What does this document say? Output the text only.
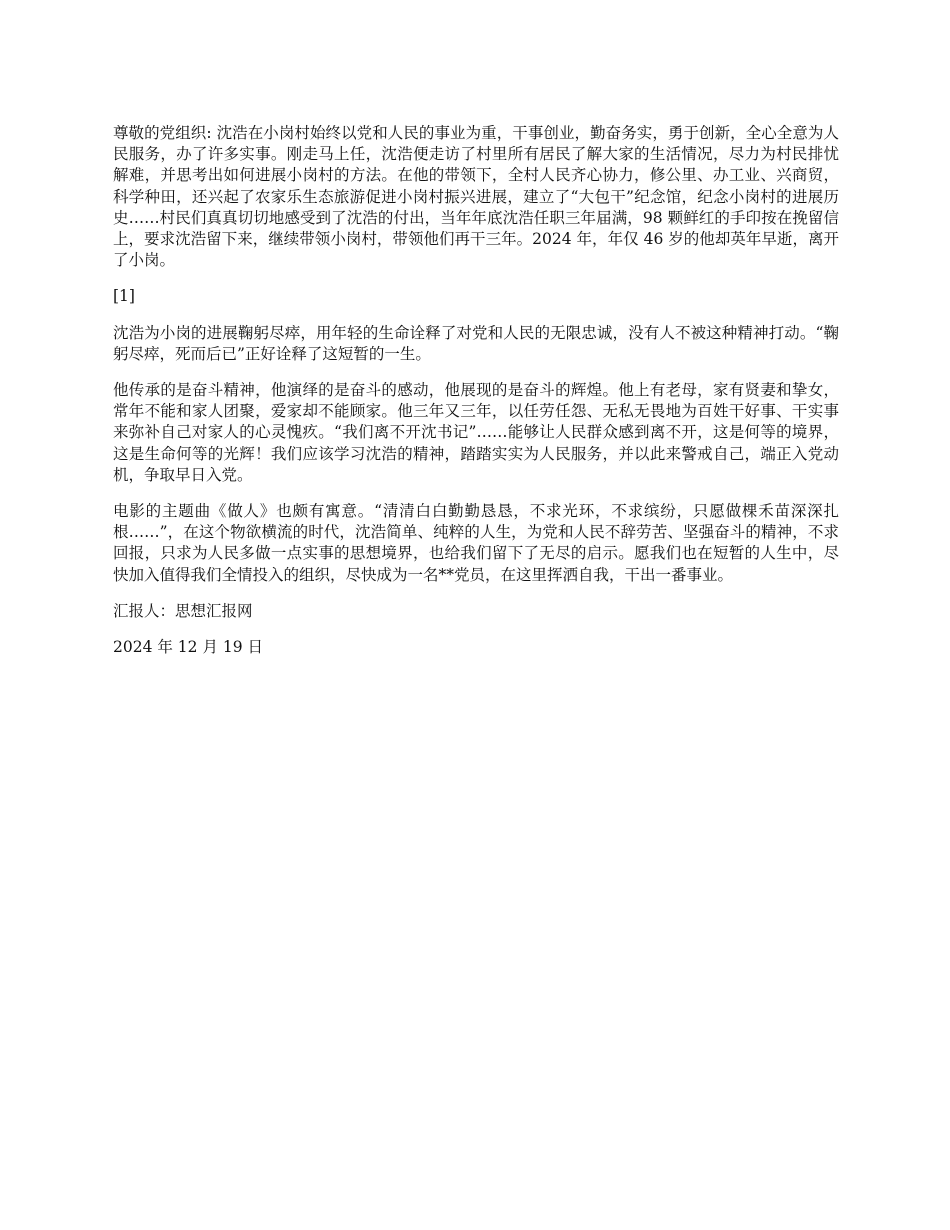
尊敬的党组织: 沈浩在小岗村始终以党和人民的事业为重，干事创业，勤奋务实，勇于创新，全心全意为人民服务，办了许多实事。刚走马上任，沈浩便走访了村里所有居民了解大家的生活情况，尽力为村民排忧解难，并思考出如何进展小岗村的方法。在他的带领下，全村人民齐心协力，修公里、办工业、兴商贸，科学种田，还兴起了农家乐生态旅游促进小岗村振兴进展，建立了“大包干”纪念馆，纪念小岗村的进展历史……村民们真真切切地感受到了沈浩的付出，当年年底沈浩任职三年届满，98 颗鲜红的手印按在挽留信上，要求沈浩留下来，继续带领小岗村，带领他们再干三年。2024 年，年仅 46 岁的他却英年早逝，离开了小岗。

[1]

沈浩为小岗的进展鞠躬尽瘁，用年轻的生命诠释了对党和人民的无限忠诚，没有人不被这种精神打动。“鞠躬尽瘁，死而后已”正好诠释了这短暂的一生。

他传承的是奋斗精神，他演绎的是奋斗的感动，他展现的是奋斗的辉煌。他上有老母，家有贤妻和挚女，常年不能和家人团聚，爱家却不能顾家。他三年又三年，以任劳任怨、无私无畏地为百姓干好事、干实事来弥补自己对家人的心灵愧疚。“我们离不开沈书记”……能够让人民群众感到离不开，这是何等的境界，这是生命何等的光辉！我们应该学习沈浩的精神，踏踏实实为人民服务，并以此来警戒自己，端正入党动机，争取早日入党。

电影的主题曲《做人》也颇有寓意。“清清白白勤勤恳恳，不求光环，不求缤纷，只愿做棵禾苗深深扎根……”，在这个物欲横流的时代，沈浩简单、纯粹的人生，为党和人民不辞劳苦、坚强奋斗的精神，不求回报，只求为人民多做一点实事的思想境界，也给我们留下了无尽的启示。愿我们也在短暂的人生中，尽快加入值得我们全情投入的组织，尽快成为一名**党员，在这里挥洒自我，干出一番事业。

汇报人：思想汇报网

2024 年 12 月 19 日
